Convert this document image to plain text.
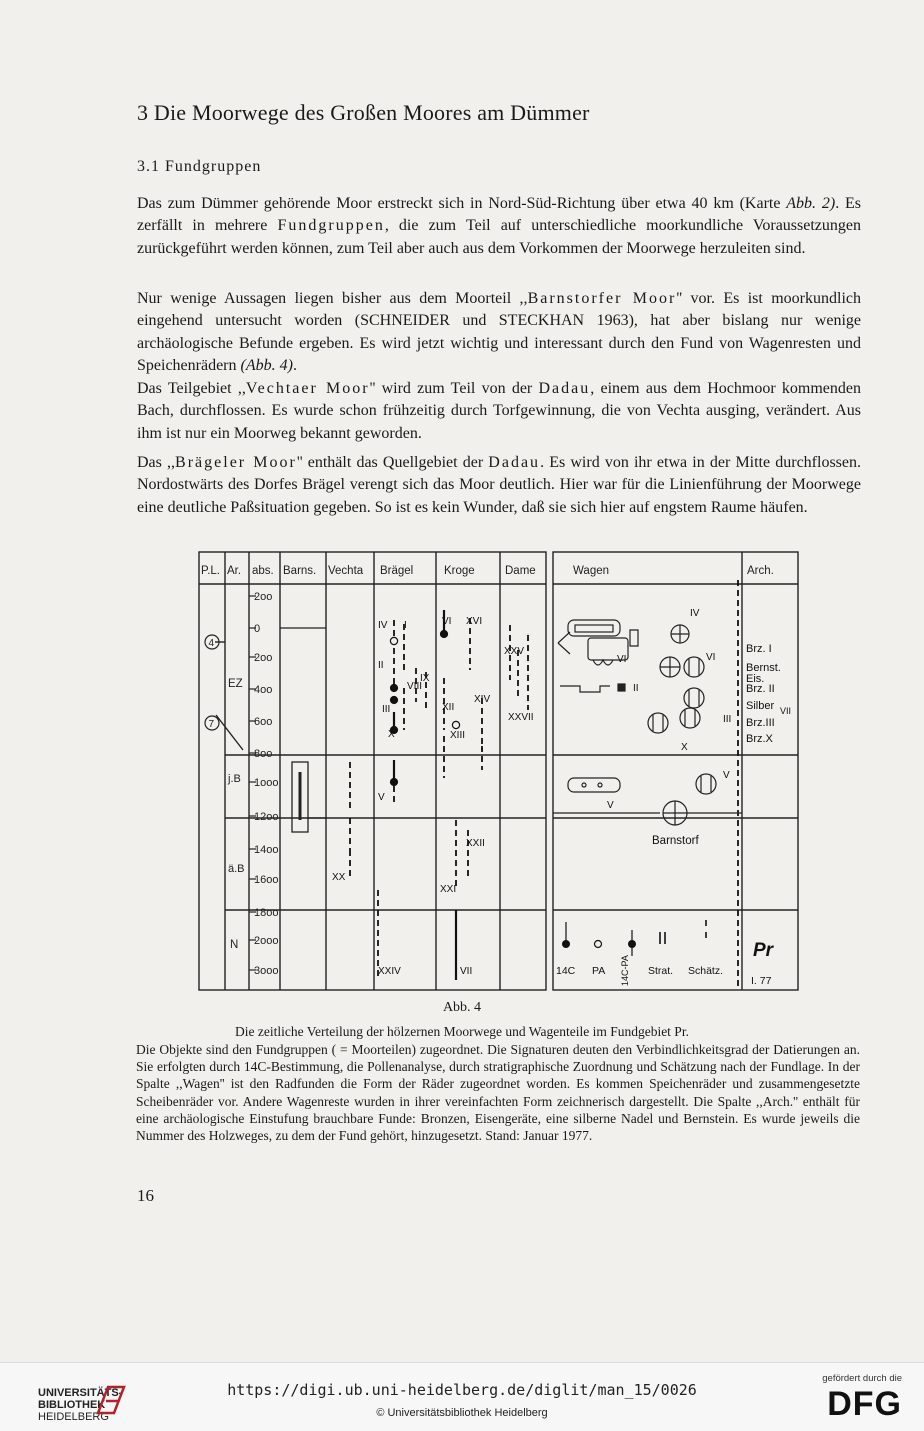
3 Die Moorwege des Großen Moores am Dümmer
3.1 Fundgruppen

Das zum Dümmer gehörende Moor erstreckt sich in Nord-Süd-Richtung über etwa 40 km (Karte Abb. 2). Es zerfällt in mehrere Fundgruppen, die zum Teil auf unterschiedliche moorkundliche Voraussetzungen zurückgeführt werden können, zum Teil aber auch aus dem Vorkommen der Moorwege herzuleiten sind.

Nur wenige Aussagen liegen bisher aus dem Moorteil ,,Barnstorfer Moor'' vor. Es ist moorkundlich eingehend untersucht worden (SCHNEIDER und STECKHAN 1963), hat aber bislang nur wenige archäologische Befunde ergeben. Es wird jetzt wichtig und interessant durch den Fund von Wagenresten und Speichenrädern (Abb. 4).

Das Teilgebiet ,,Vechtaer Moor'' wird zum Teil von der Dadau, einem aus dem Hochmoor kommenden Bach, durchflossen. Es wurde schon frühzeitig durch Torfgewinnung, die von Vechta ausging, verändert. Aus ihm ist nur ein Moorweg bekannt geworden.

Das ,,Brägeler Moor'' enthält das Quellgebiet der Dadau. Es wird von ihr etwa in der Mitte durchflossen. Nordostwärts des Dorfes Brägel verengt sich das Moor deutlich. Hier war für die Linienführung der Moorwege eine deutliche Paßsituation gegeben. So ist es kein Wunder, daß sie sich hier auf engstem Raume häufen.

2oo
0
2oo
4oo
6oo
8oo
1ooo
12oo
14oo
16oo
18oo
2ooo
3ooo
P.L. Ar. abs. Barns. Vechta Brägel	Kroge	Dame	Wagen	Arch.
EZ
j.B
ä.B
N
4
7
IV I
II
VIII
IX
III
X
V
XX
XXIV
VI XVI
XII
XIV
XIII
XXII
XXI
VII
XXV
XXVII
IV
VI	VI
II
III
X
V
V
Barnstorf
Brz. I
Bernst.
Eis.
Brz. II
Silber VII
Brz.III
Brz.X
14C PA 14C-PA Strat. Schätz.
Pr
I. 77
Abb. 4
Die zeitliche Verteilung der hölzernen Moorwege und Wagenteile im Fundgebiet Pr.
Die Objekte sind den Fundgruppen ( = Moorteilen) zugeordnet. Die Signaturen deuten den Verbindlichkeitsgrad der Datierungen an. Sie erfolgten durch 14C-Bestimmung, die Pollenanalyse, durch stratigraphische Zuordnung und Schätzung nach der Fundlage. In der Spalte ,,Wagen'' ist den Radfunden die Form der Räder zugeordnet worden. Es kommen Speichenräder und zusammengesetzte Scheibenräder vor. Andere Wagenreste wurden in ihrer vereinfachten Form zeichnerisch dargestellt. Die Spalte ,,Arch.'' enthält für eine archäologische Einstufung brauchbare Funde: Bronzen, Eisengeräte, eine silberne Nadel und Bernstein. Es wurde jeweils die Nummer des Holzweges, zu dem der Fund gehört, hinzugesetzt. Stand: Januar 1977.
16
UNIVERSITÄTS-
BIBLIOTHEK
HEIDELBERG
https://digi.ub.uni-heidelberg.de/diglit/man_15/0026
© Universitätsbibliothek Heidelberg
gefördert durch die
DFG
